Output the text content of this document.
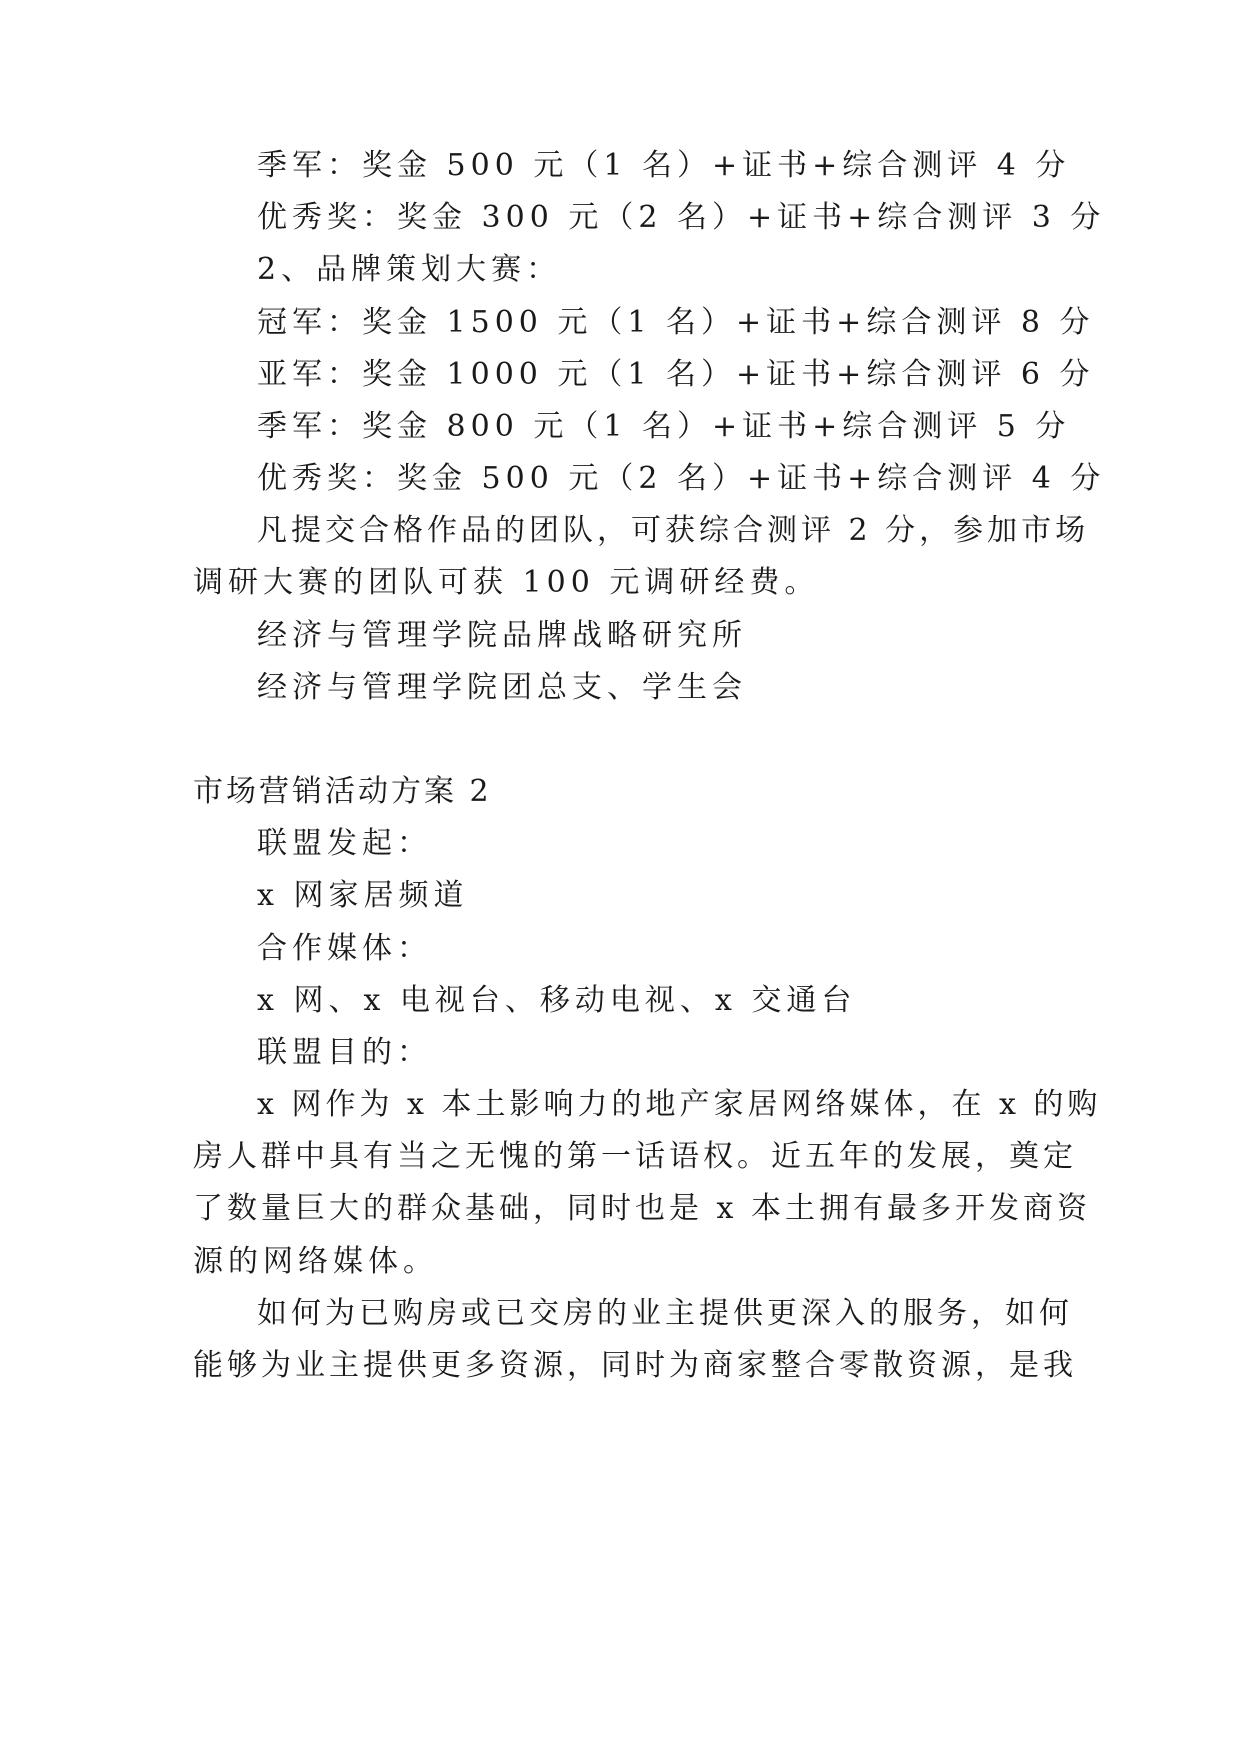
季军：奖金 500 元（1 名）+证书+综合测评 4 分
优秀奖：奖金 300 元（2 名）+证书+综合测评 3 分
2、品牌策划大赛：
冠军：奖金 1500 元（1 名）+证书+综合测评 8 分
亚军：奖金 1000 元（1 名）+证书+综合测评 6 分
季军：奖金 800 元（1 名）+证书+综合测评 5 分
优秀奖：奖金 500 元（2 名）+证书+综合测评 4 分
凡提交合格作品的团队，可获综合测评 2 分，参加市场
调研大赛的团队可获 100 元调研经费。
经济与管理学院品牌战略研究所
经济与管理学院团总支、学生会
市场营销活动方案 2
联盟发起：
x 网家居频道
合作媒体：
x 网、x 电视台、移动电视、x 交通台
联盟目的：
x 网作为 x 本土影响力的地产家居网络媒体，在 x 的购
房人群中具有当之无愧的第一话语权。近五年的发展，奠定
了数量巨大的群众基础，同时也是 x 本土拥有最多开发商资
源的网络媒体。
如何为已购房或已交房的业主提供更深入的服务，如何
能够为业主提供更多资源，同时为商家整合零散资源，是我
